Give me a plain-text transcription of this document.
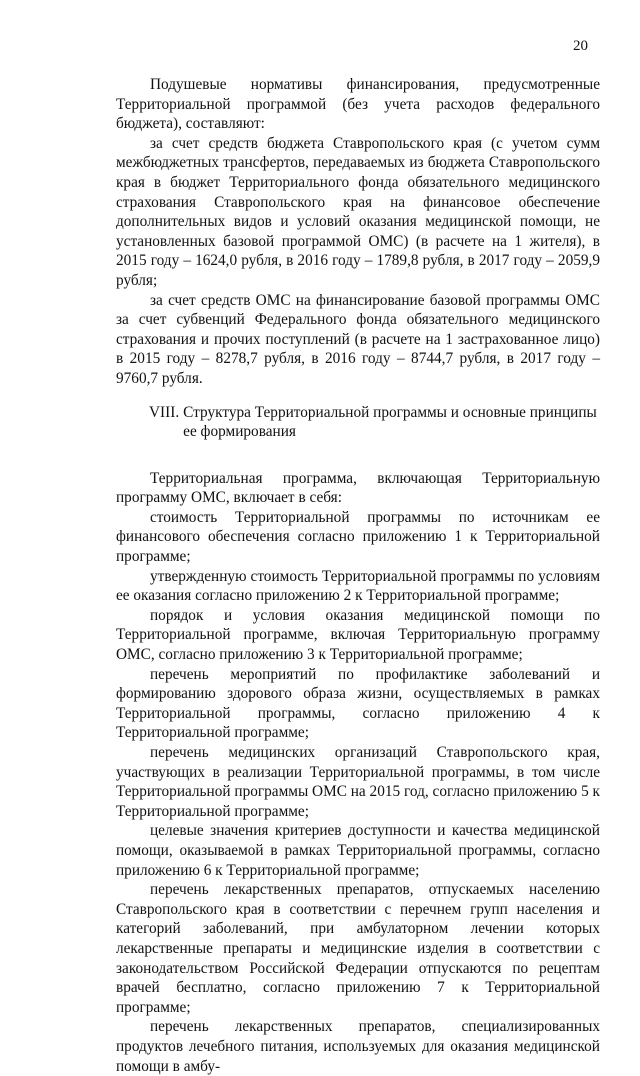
20

Подушевые нормативы финансирования, предусмотренные Территориальной программой (без учета расходов федерального бюджета), составляют:

за счет средств бюджета Ставропольского края (с учетом сумм межбюджетных трансфертов, передаваемых из бюджета Ставропольского края в бюджет Территориального фонда обязательного медицинского страхования Ставропольского края на финансовое обеспечение дополнительных видов и условий оказания медицинской помощи, не установленных базовой программой ОМС) (в расчете на 1 жителя), в 2015 году – 1624,0 рубля, в 2016 году – 1789,8 рубля, в 2017 году – 2059,9 рубля;

за счет средств ОМС на финансирование базовой программы ОМС за счет субвенций Федерального фонда обязательного медицинского страхования и прочих поступлений (в расчете на 1 застрахованное лицо) в 2015 году – 8278,7 рубля, в 2016 году – 8744,7 рубля, в 2017 году – 9760,7 рубля.

VIII. Структура Территориальной программы и основные принципы ее формирования

Территориальная программа, включающая Территориальную программу ОМС, включает в себя:

стоимость Территориальной программы по источникам ее финансового обеспечения согласно приложению 1 к Территориальной программе;

утвержденную стоимость Территориальной программы по условиям ее оказания согласно приложению 2 к Территориальной программе;

порядок и условия оказания медицинской помощи по Территориальной программе, включая Территориальную программу ОМС, согласно приложению 3 к Территориальной программе;

перечень мероприятий по профилактике заболеваний и формированию здорового образа жизни, осуществляемых в рамках Территориальной программы, согласно приложению 4 к Территориальной программе;

перечень медицинских организаций Ставропольского края, участвующих в реализации Территориальной программы, в том числе Территориальной программы ОМС на 2015 год, согласно приложению 5 к Территориальной программе;

целевые значения критериев доступности и качества медицинской помощи, оказываемой в рамках Территориальной программы, согласно приложению 6 к Территориальной программе;

перечень лекарственных препаратов, отпускаемых населению Ставропольского края в соответствии с перечнем групп населения и категорий заболеваний, при амбулаторном лечении которых лекарственные препараты и медицинские изделия в соответствии с законодательством Российской Федерации отпускаются по рецептам врачей бесплатно, согласно приложению 7 к Территориальной программе;

перечень лекарственных препаратов, специализированных продуктов лечебного питания, используемых для оказания медицинской помощи в амбу-
